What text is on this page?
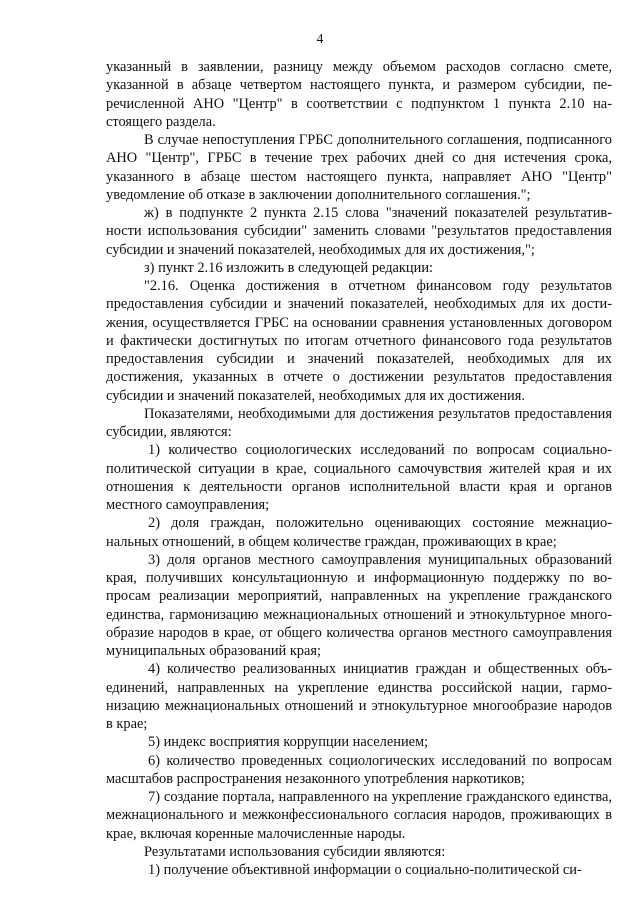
4

указанный в заявлении, разницу между объемом расходов согласно смете, указанной в абзаце четвертом настоящего пункта, и размером субсидии, перечисленной АНО "Центр" в соответствии с подпунктом 1 пункта 2.10 настоящего раздела.

В случае непоступления ГРБС дополнительного соглашения, подписанного АНО "Центр", ГРБС в течение трех рабочих дней со дня истечения срока, указанного в абзаце шестом настоящего пункта, направляет АНО "Центр" уведомление об отказе в заключении дополнительного соглашения.";

ж) в подпункте 2 пункта 2.15 слова "значений показателей результативности использования субсидии" заменить словами "результатов предоставления субсидии и значений показателей, необходимых для их достижения,";

з) пункт 2.16 изложить в следующей редакции:

"2.16. Оценка достижения в отчетном финансовом году результатов предоставления субсидии и значений показателей, необходимых для их достижения, осуществляется ГРБС на основании сравнения установленных договором и фактически достигнутых по итогам отчетного финансового года результатов предоставления субсидии и значений показателей, необходимых для их достижения, указанных в отчете о достижении результатов предоставления субсидии и значений показателей, необходимых для их достижения.

Показателями, необходимыми для достижения результатов предоставления субсидии, являются:

1) количество социологических исследований по вопросам социально-политической ситуации в крае, социального самочувствия жителей края и их отношения к деятельности органов исполнительной власти края и органов местного самоуправления;

2) доля граждан, положительно оценивающих состояние межнациональных отношений, в общем количестве граждан, проживающих в крае;

3) доля органов местного самоуправления муниципальных образований края, получивших консультационную и информационную поддержку по вопросам реализации мероприятий, направленных на укрепление гражданского единства, гармонизацию межнациональных отношений и этнокультурное многообразие народов в крае, от общего количества органов местного самоуправления муниципальных образований края;

4) количество реализованных инициатив граждан и общественных объединений, направленных на укрепление единства российской нации, гармонизацию межнациональных отношений и этнокультурное многообразие народов в крае;

5) индекс восприятия коррупции населением;

6) количество проведенных социологических исследований по вопросам масштабов распространения незаконного употребления наркотиков;

7) создание портала, направленного на укрепление гражданского единства, межнационального и межконфессионального согласия народов, проживающих в крае, включая коренные малочисленные народы.

Результатами использования субсидии являются:

1) получение объективной информации о социально-политической си-
